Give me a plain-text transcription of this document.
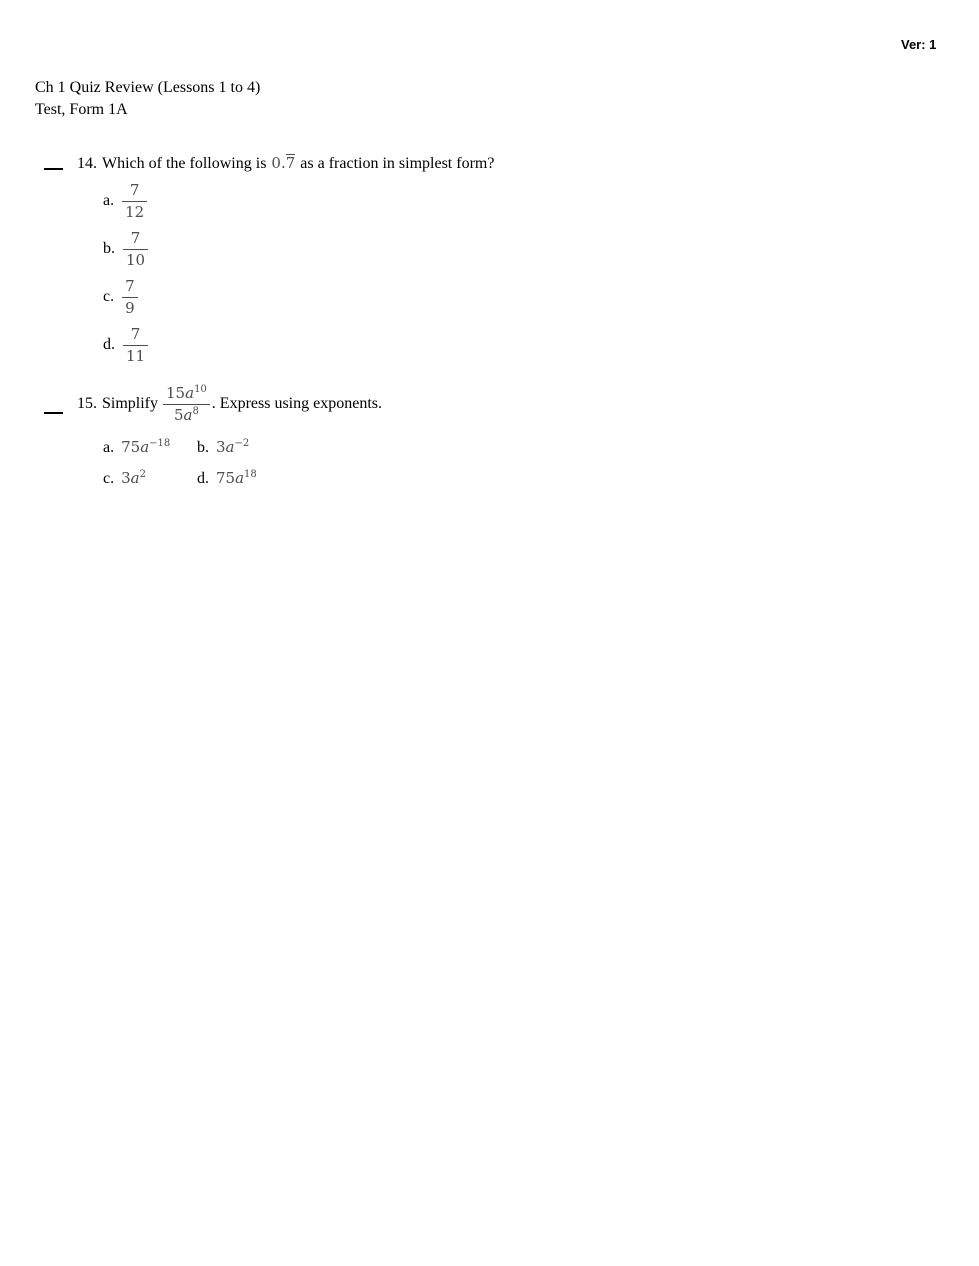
Ver: 1
Ch 1 Quiz Review (Lessons 1 to 4)
Test, Form 1A
14. Which of the following is 0.7 as a fraction in simplest form?
a. $\frac{7}{12}$
b. $\frac{7}{10}$
c. $\frac{7}{9}$
d. $\frac{7}{11}$
15. Simplify $\frac{15a^{10}}{5a^8}$ . Express using exponents.
a. $75a^{-18}$ b. $3a^{-2}$
c. $3a^2$	d. $75a^{18}$
